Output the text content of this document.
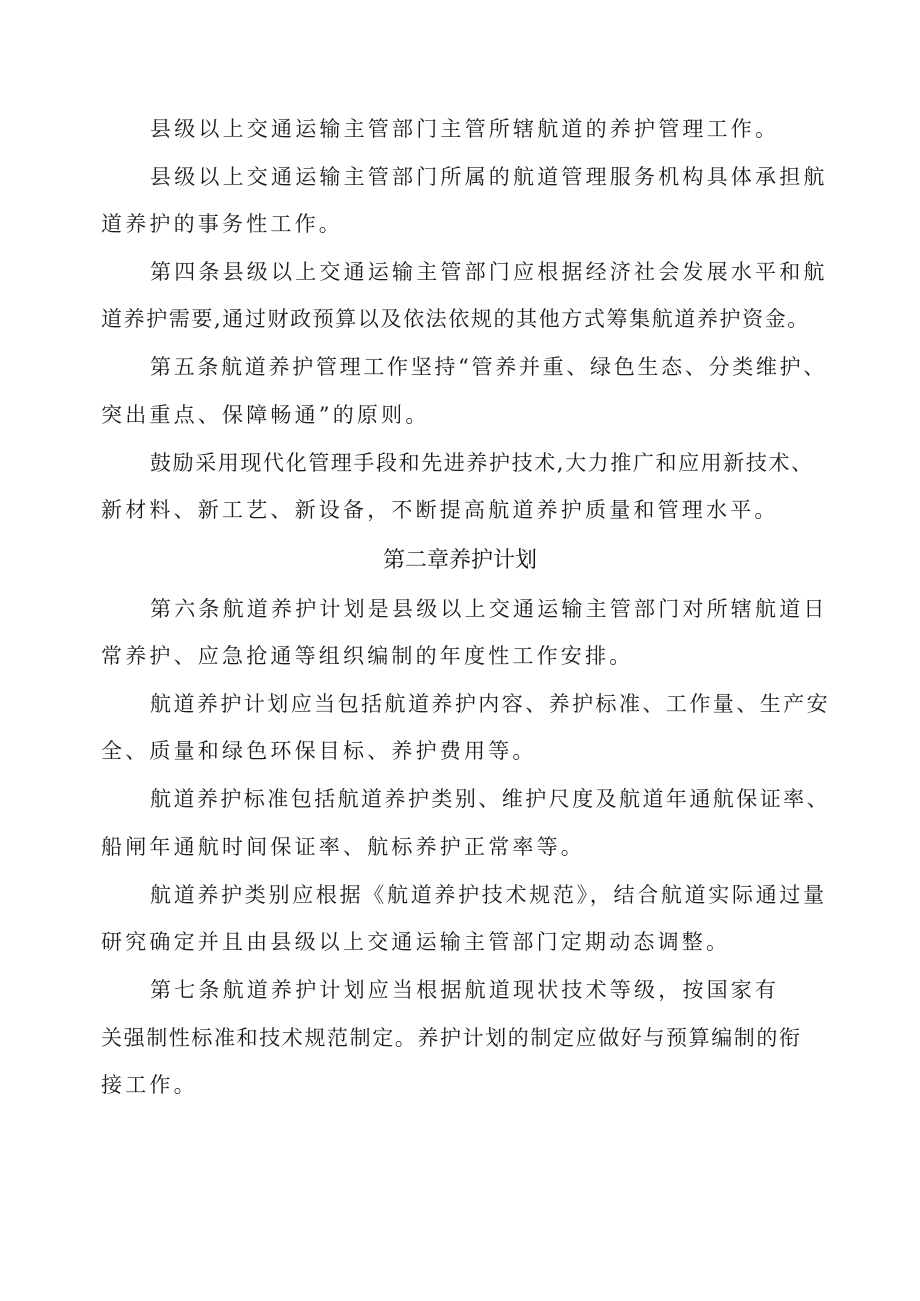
县级以上交通运输主管部门主管所辖航道的养护管理工作。
县级以上交通运输主管部门所属的航道管理服务机构具体承担航
道养护的事务性工作。
第四条县级以上交通运输主管部门应根据经济社会发展水平和航
道养护需要,通过财政预算以及依法依规的其他方式筹集航道养护资金。
第五条航道养护管理工作坚持“管养并重、绿色生态、分类维护、
突出重点、保障畅通”的原则。
鼓励采用现代化管理手段和先进养护技术,大力推广和应用新技术、
新材料、新工艺、新设备，不断提高航道养护质量和管理水平。
第二章养护计划
第六条航道养护计划是县级以上交通运输主管部门对所辖航道日
常养护、应急抢通等组织编制的年度性工作安排。
航道养护计划应当包括航道养护内容、养护标准、工作量、生产安
全、质量和绿色环保目标、养护费用等。
航道养护标准包括航道养护类别、维护尺度及航道年通航保证率、
船闸年通航时间保证率、航标养护正常率等。
航道养护类别应根据《航道养护技术规范》，结合航道实际通过量
研究确定并且由县级以上交通运输主管部门定期动态调整。
第七条航道养护计划应当根据航道现状技术等级，按国家有
关强制性标准和技术规范制定。养护计划的制定应做好与预算编制的衔
接工作。
